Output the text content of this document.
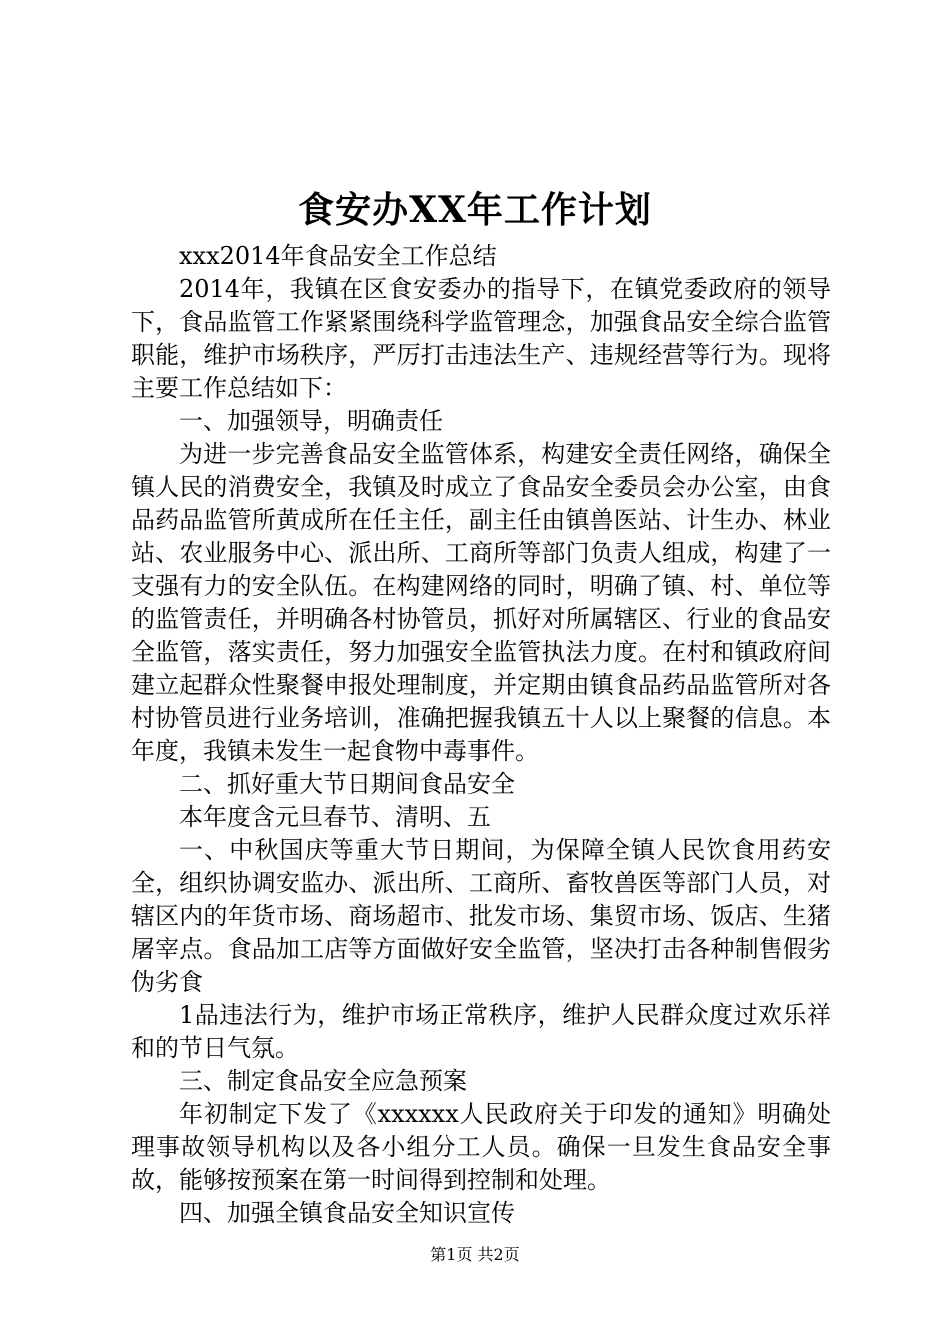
食安办XX年工作计划

xxx2014年食品安全工作总结

2014年，我镇在区食安委办的指导下，在镇党委政府的领导下，食品监管工作紧紧围绕科学监管理念，加强食品安全综合监管职能，维护市场秩序，严厉打击违法生产、违规经营等行为。现将主要工作总结如下：

一、加强领导，明确责任

为进一步完善食品安全监管体系，构建安全责任网络，确保全镇人民的消费安全，我镇及时成立了食品安全委员会办公室，由食品药品监管所黄成所在任主任，副主任由镇兽医站、计生办、林业站、农业服务中心、派出所、工商所等部门负责人组成，构建了一支强有力的安全队伍。在构建网络的同时，明确了镇、村、单位等的监管责任，并明确各村协管员，抓好对所属辖区、行业的食品安全监管，落实责任，努力加强安全监管执法力度。在村和镇政府间建立起群众性聚餐申报处理制度，并定期由镇食品药品监管所对各村协管员进行业务培训，准确把握我镇五十人以上聚餐的信息。本年度，我镇未发生一起食物中毒事件。

二、抓好重大节日期间食品安全

本年度含元旦春节、清明、五

一、中秋国庆等重大节日期间，为保障全镇人民饮食用药安全，组织协调安监办、派出所、工商所、畜牧兽医等部门人员，对辖区内的年货市场、商场超市、批发市场、集贸市场、饭店、生猪屠宰点。食品加工店等方面做好安全监管，坚决打击各种制售假劣伪劣食

1品违法行为，维护市场正常秩序，维护人民群众度过欢乐祥和的节日气氛。

三、制定食品安全应急预案

年初制定下发了《xxxxxx人民政府关于印发的通知》明确处理事故领导机构以及各小组分工人员。确保一旦发生食品安全事故，能够按预案在第一时间得到控制和处理。

四、加强全镇食品安全知识宣传

第1页 共2页
